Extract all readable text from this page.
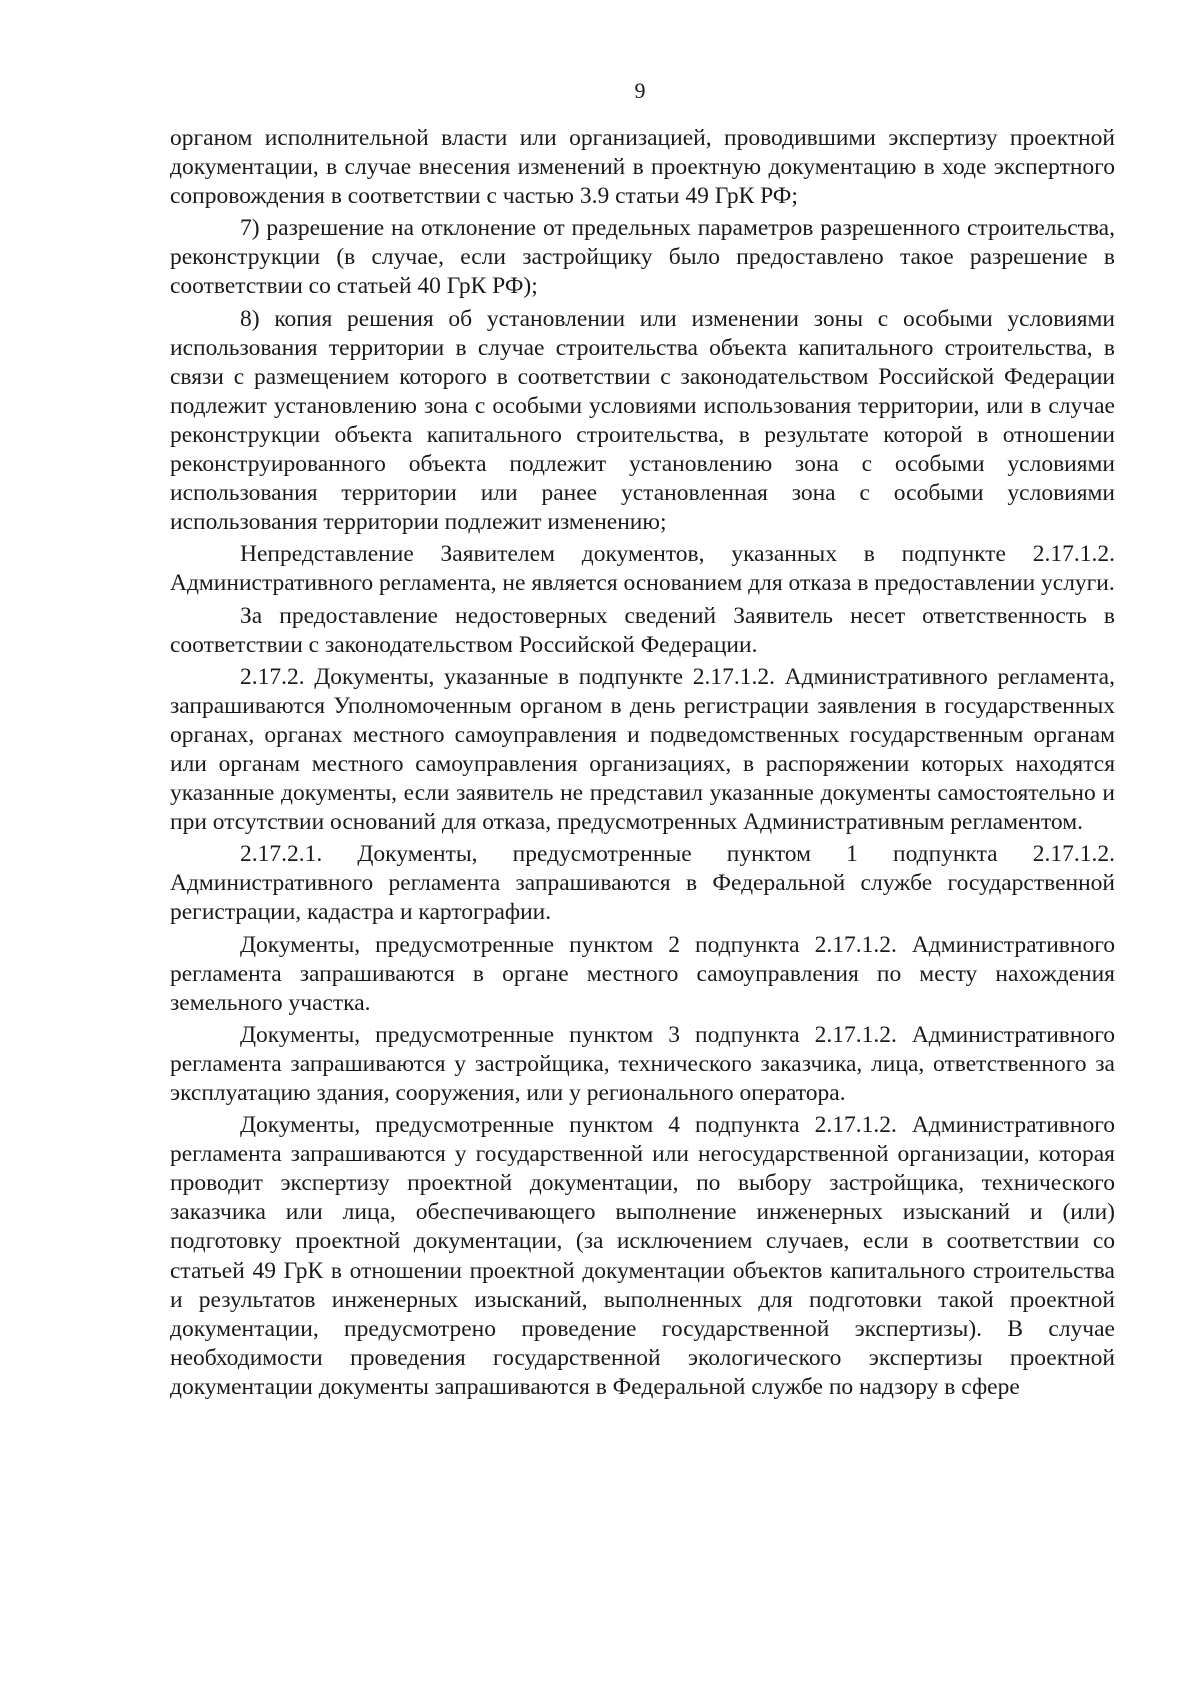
9

органом исполнительной власти или организацией, проводившими экспертизу проектной документации, в случае внесения изменений в проектную документацию в ходе экспертного сопровождения в соответствии с частью 3.9 статьи 49 ГрК РФ;

7) разрешение на отклонение от предельных параметров разрешенного строительства, реконструкции (в случае, если застройщику было предоставлено такое разрешение в соответствии со статьей 40 ГрК РФ);

8) копия решения об установлении или изменении зоны с особыми условиями использования территории в случае строительства объекта капитального строительства, в связи с размещением которого в соответствии с законодательством Российской Федерации подлежит установлению зона с особыми условиями использования территории, или в случае реконструкции объекта капитального строительства, в результате которой в отношении реконструированного объекта подлежит установлению зона с особыми условиями использования территории или ранее установленная зона с особыми условиями использования территории подлежит изменению;

Непредставление Заявителем документов, указанных в подпункте 2.17.1.2. Административного регламента, не является основанием для отказа в предоставлении услуги.

За предоставление недостоверных сведений Заявитель несет ответственность в соответствии с законодательством Российской Федерации.

2.17.2. Документы, указанные в подпункте 2.17.1.2. Административного регламента, запрашиваются Уполномоченным органом в день регистрации заявления в государственных органах, органах местного самоуправления и подведомственных государственным органам или органам местного самоуправления организациях, в распоряжении которых находятся указанные документы, если заявитель не представил указанные документы самостоятельно и при отсутствии оснований для отказа, предусмотренных Административным регламентом.

2.17.2.1. Документы, предусмотренные пунктом 1 подпункта 2.17.1.2. Административного регламента запрашиваются в Федеральной службе государственной регистрации, кадастра и картографии.

Документы, предусмотренные пунктом 2 подпункта 2.17.1.2. Административного регламента запрашиваются в органе местного самоуправления по месту нахождения земельного участка.

Документы, предусмотренные пунктом 3 подпункта 2.17.1.2. Административного регламента запрашиваются у застройщика, технического заказчика, лица, ответственного за эксплуатацию здания, сооружения, или у регионального оператора.

Документы, предусмотренные пунктом 4 подпункта 2.17.1.2. Административного регламента запрашиваются у государственной или негосударственной организации, которая проводит экспертизу проектной документации, по выбору застройщика, технического заказчика или лица, обеспечивающего выполнение инженерных изысканий и (или) подготовку проектной документации, (за исключением случаев, если в соответствии со статьей 49 ГрК в отношении проектной документации объектов капитального строительства и результатов инженерных изысканий, выполненных для подготовки такой проектной документации, предусмотрено проведение государственной экспертизы). В случае необходимости проведения государственной экологического экспертизы проектной документации документы запрашиваются в Федеральной службе по надзору в сфере
